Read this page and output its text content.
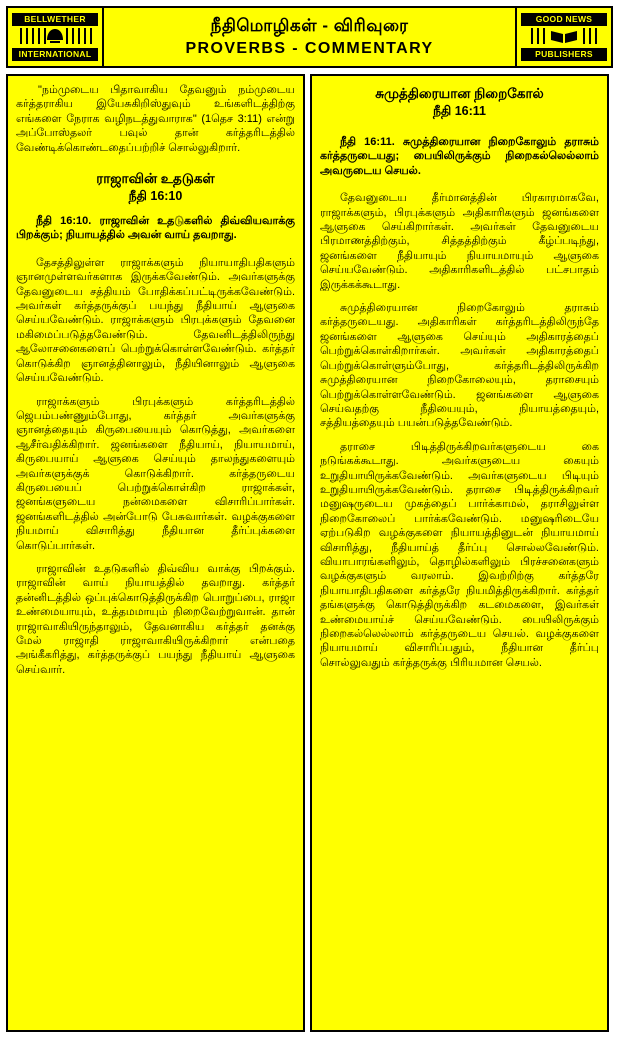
BELLWETHER
INTERNATIONAL
நீதிமொழிகள் - விரிவுரை
PROVERBS - COMMENTARY
GOOD NEWS
PUBLISHERS

"நம்முடைய பிதாவாகிய தேவனும் நம்முடைய கர்த்தராகிய இயேசுகிறிஸ்துவும் உங்களிடத்திற்கு எங்களை நேராக வழிநடத்துவாராக" (1தெச 3:11) என்று அப்போஸ்தலர் பவுல் தான் கர்த்தரிடத்தில் வேண்டிக்கொண்டதைப்பற்றிச் சொல்லுகிறார்.

ராஜாவின் உதடுகள்
நீதி 16:10

நீதி 16:10. ராஜாவின் உதடுகளில் திவ்வியவாக்கு பிறக்கும்; நியாயத்தில் அவன் வாய் தவறாது.

தேசத்திலுள்ள ராஜாக்களும் நியாயாதிபதிகளும் ஞானமுள்ளவர்களாக இருக்கவேண்டும். அவர்களுக்கு தேவனுடைய சத்தியம் போதிக்கப்பட்டிருக்கவேண்டும். அவர்கள் கர்த்தருக்குப் பயந்து நீதியாய் ஆளுகை செய்யவேண்டும். ராஜாக்களும் பிரபுக்களும் தேவனை மகிமைப்படுத்தவேண்டும். தேவனிடத்திலிருந்து ஆலோசனைகளைப் பெற்றுக்கொள்ளவேண்டும். கர்த்தர் கொடுக்கிற ஞானத்தினாலும், நீதியினாலும் ஆளுகை செய்யவேண்டும்.

ராஜாக்களும் பிரபுக்களும் கர்த்தரிடத்தில் ஜெபம்பண்ணும்போது, கர்த்தர் அவர்களுக்கு ஞானத்தையும் கிருபையையும் கொடுத்து, அவர்களை ஆசீர்வதிக்கிறார். ஜனங்களை நீதியாய், நியாயமாய், கிருபையாய் ஆளுகை செய்யும் தாலந்துகளையும் அவர்களுக்குக் கொடுக்கிறார். கர்த்தருடைய கிருபையைப் பெற்றுக்கொள்கிற ராஜாக்கள், ஜனங்களுடைய நன்மைகளை விசாரிப்பார்கள். ஜனங்களிடத்தில் அன்போடு பேசுவார்கள். வழக்குகளை நியமாய் விசாரித்து நீதியான தீர்ப்புக்களை கொடுப்பார்கள்.

ராஜாவின் உதடுகளில் திவ்விய வாக்கு பிறக்கும். ராஜாவின் வாய் நியாயத்தில் தவறாது. கர்த்தர் தன்னிடத்தில் ஒப்புக்கொடுத்திருக்கிற பொறுப்பை, ராஜா உண்மையாயும், உத்தமமாயும் நிறைவேற்றுவான். தான் ராஜாவாகியிருந்தாலும், தேவனாகிய கர்த்தர் தனக்கு மேல் ராஜாதி ராஜாவாகியிருக்கிறார் என்பதை அங்கீகரித்து, கர்த்தருக்குப் பயந்து நீதியாய் ஆளுகை செய்வார்.

சுமுத்திரையான நிறைகோல்
நீதி 16:11

நீதி 16:11. சுமுத்திரையான நிறைகோலும் தராசும் கர்த்தருடையது; பையிலிருக்கும் நிறைகல்லெல்லாம் அவருடைய செயல்.

தேவனுடைய தீர்மானத்தின் பிரகாரமாகவே, ராஜாக்களும், பிரபுக்களும் அதிகாரிகளும் ஜனங்களை ஆளுகை செய்கிறார்கள். அவர்கள் தேவனுடைய பிரமாணத்திற்கும், சித்தத்திற்கும் கீழ்ப்படிந்து, ஜனங்களை நீதியாயும் நியாயமாயும் ஆளுகை செய்யவேண்டும். அதிகாரிகளிடத்தில் பட்சபாதம் இருக்கக்கூடாது.

சுமுத்திரையான நிறைகோலும் தராசும் கர்த்தருடையது. அதிகாரிகள் கர்த்தரிடத்திலிருந்தே ஜனங்களை ஆளுகை செய்யும் அதிகாரத்தைப் பெற்றுக்கொள்கிறார்கள். அவர்கள் அதிகாரத்தைப் பெற்றுக்கொள்ளும்போது, கர்த்தரிடத்திலிருக்கிற சுமுத்திரையான நிறைகோலையும், தராசையும் பெற்றுக்கொள்ளவேண்டும். ஜனங்களை ஆளுகை செய்வதற்கு நீதியையும், நியாயத்தையும், சத்தியத்தையும் பயன்படுத்தவேண்டும்.

தராசை பிடித்திருக்கிறவர்களுடைய கை நடுங்கக்கூடாது. அவர்களுடைய கையும் உறுதியாயிருக்கவேண்டும். அவர்களுடைய பிடியும் உறுதியாயிருக்கவேண்டும். தராசை பிடித்திருக்கிறவர் மனுஷருடைய முகத்தைப் பார்க்காமல், தராசிலுள்ள நிறைகோலைப் பார்க்கவேண்டும். மனுஷரிடையே ஏற்படுகிற வழக்குகளை நியாயத்தினுடன் நியாயமாய் விசாரித்து, நீதியாய்த் தீர்ப்பு சொல்லவேண்டும். வியாபாரங்களிலும், தொழில்களிலும் பிரச்சனைகளும் வழக்குகளும் வரலாம். இவற்றிற்கு கர்த்தரே நியாயாதிபதிகளை கர்த்தரே நியமித்திருக்கிறார். கர்த்தர் தங்களுக்கு கொடுத்திருக்கிற கடமைகளை, இவர்கள் உண்மையாய்ச் செய்யவேண்டும். பையிலிருக்கும் நிறைகல்லெல்லாம் கர்த்தருடைய செயல். வழக்குகளை நியாயமாய் விசாரிப்பதும், நீதியான தீர்ப்பு சொல்லுவதும் கர்த்தருக்கு பிரியமான செயல்.
